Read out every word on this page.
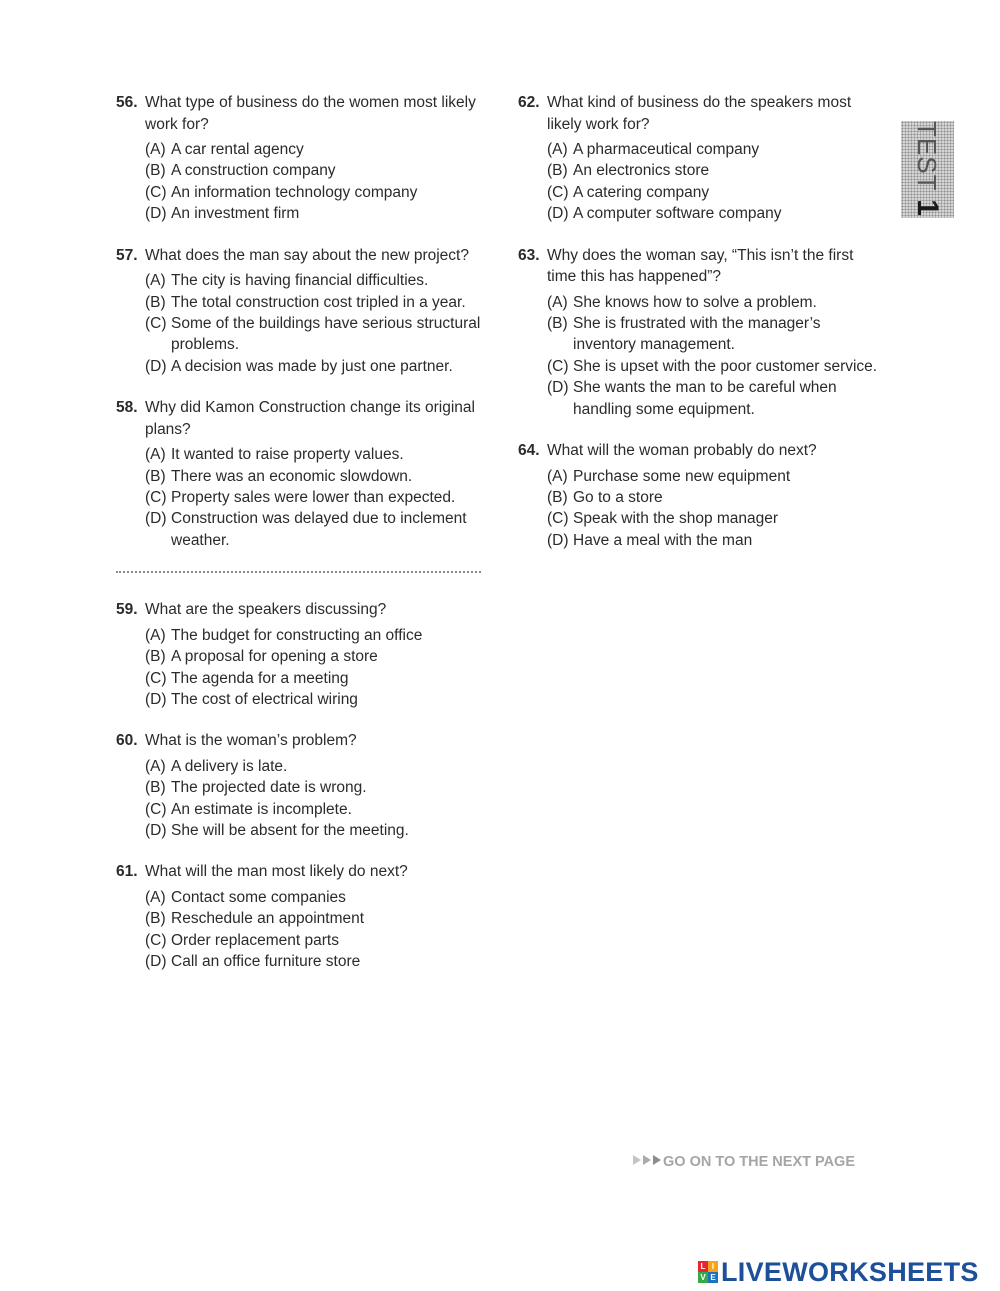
56. What type of business do the women most likely work for?
(A) A car rental agency
(B) A construction company
(C) An information technology company
(D) An investment firm
57. What does the man say about the new project?
(A) The city is having financial difficulties.
(B) The total construction cost tripled in a year.
(C) Some of the buildings have serious structural problems.
(D) A decision was made by just one partner.
58. Why did Kamon Construction change its original plans?
(A) It wanted to raise property values.
(B) There was an economic slowdown.
(C) Property sales were lower than expected.
(D) Construction was delayed due to inclement weather.
59. What are the speakers discussing?
(A) The budget for constructing an office
(B) A proposal for opening a store
(C) The agenda for a meeting
(D) The cost of electrical wiring
60. What is the woman’s problem?
(A) A delivery is late.
(B) The projected date is wrong.
(C) An estimate is incomplete.
(D) She will be absent for the meeting.
61. What will the man most likely do next?
(A) Contact some companies
(B) Reschedule an appointment
(C) Order replacement parts
(D) Call an office furniture store
62. What kind of business do the speakers most likely work for?
(A) A pharmaceutical company
(B) An electronics store
(C) A catering company
(D) A computer software company
63. Why does the woman say, “This isn’t the first time this has happened”?
(A) She knows how to solve a problem.
(B) She is frustrated with the manager’s inventory management.
(C) She is upset with the poor customer service.
(D) She wants the man to be careful when handling some equipment.
64. What will the woman probably do next?
(A) Purchase some new equipment
(B) Go to a store
(C) Speak with the shop manager
(D) Have a meal with the man
TEST 1
GO ON TO THE NEXT PAGE
L I
V E LIVEWORKSHEETS
